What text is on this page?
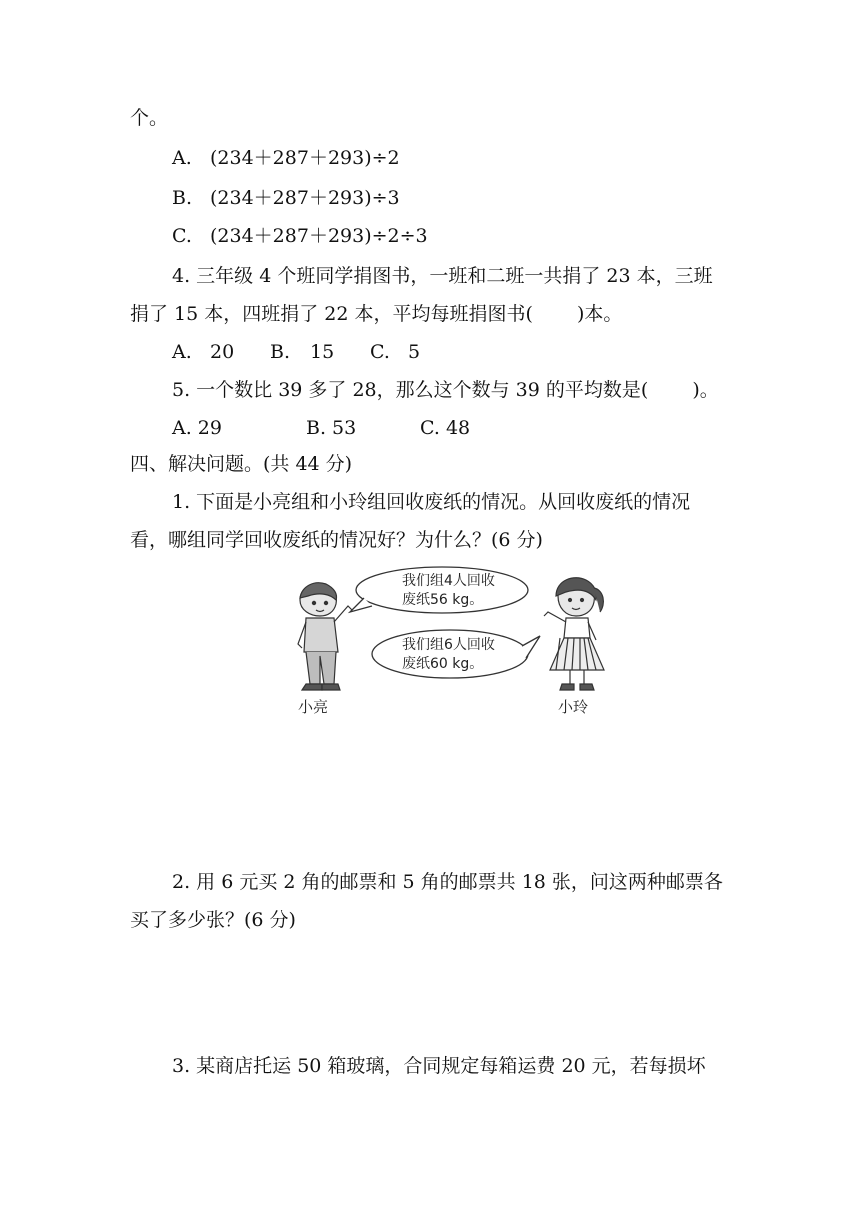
个。
A. (234＋287＋293)÷2
B. (234＋287＋293)÷3
C. (234＋287＋293)÷2÷3
4. 三年级 4 个班同学捐图书，一班和二班一共捐了 23 本，三班
捐了 15 本，四班捐了 22 本，平均每班捐图书(　　 )本。
A. 20 B. 15 C. 5
5. 一个数比 39 多了 28，那么这个数与 39 的平均数是(　　 )。
A. 29	B. 53	C. 48
四、解决问题。(共 44 分)
1. 下面是小亮组和小玲组回收废纸的情况。从回收废纸的情况
看，哪组同学回收废纸的情况好？为什么？(6 分)
我们组4人回收
废纸56 kg。
我们组6人回收
废纸60 kg。
小亮	小玲
2. 用 6 元买 2 角的邮票和 5 角的邮票共 18 张，问这两种邮票各
买了多少张？(6 分)
3. 某商店托运 50 箱玻璃，合同规定每箱运费 20 元，若每损坏
